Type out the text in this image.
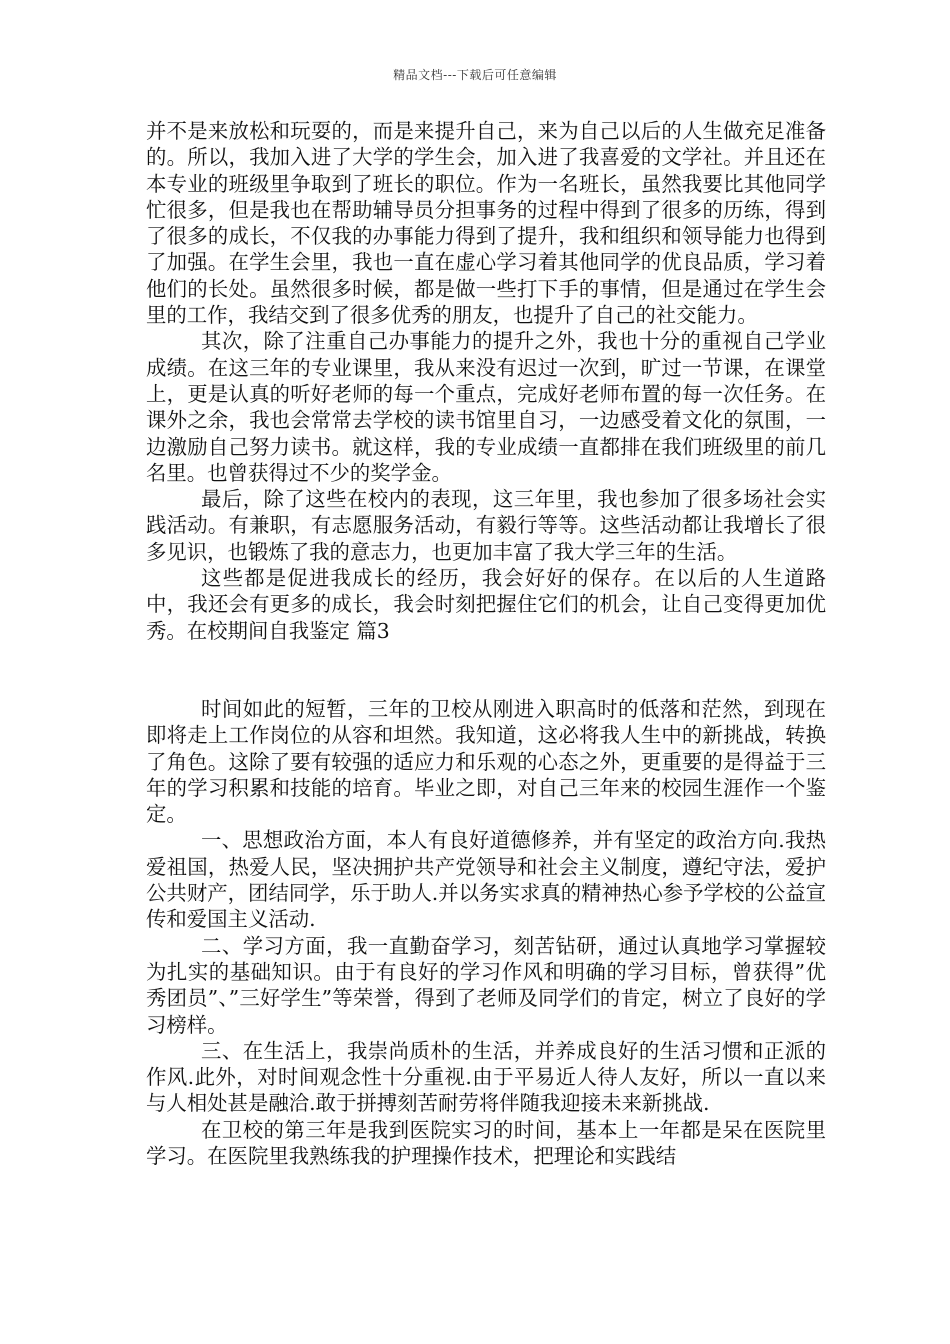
精品文档---下载后可任意编辑

并不是来放松和玩耍的，而是来提升自己，来为自己以后的人生做充足准备的。所以，我加入进了大学的学生会，加入进了我喜爱的文学社。并且还在本专业的班级里争取到了班长的职位。作为一名班长，虽然我要比其他同学忙很多，但是我也在帮助辅导员分担事务的过程中得到了很多的历练，得到了很多的成长，不仅我的办事能力得到了提升，我和组织和领导能力也得到了加强。在学生会里，我也一直在虚心学习着其他同学的优良品质，学习着他们的长处。虽然很多时候，都是做一些打下手的事情，但是通过在学生会里的工作，我结交到了很多优秀的朋友，也提升了自己的社交能力。

其次，除了注重自己办事能力的提升之外，我也十分的重视自己学业成绩。在这三年的专业课里，我从来没有迟过一次到，旷过一节课，在课堂上，更是认真的听好老师的每一个重点，完成好老师布置的每一次任务。在课外之余，我也会常常去学校的读书馆里自习，一边感受着文化的氛围，一边激励自己努力读书。就这样，我的专业成绩一直都排在我们班级里的前几名里。也曾获得过不少的奖学金。

最后，除了这些在校内的表现，这三年里，我也参加了很多场社会实践活动。有兼职，有志愿服务活动，有毅行等等。这些活动都让我增长了很多见识，也锻炼了我的意志力，也更加丰富了我大学三年的生活。

这些都是促进我成长的经历，我会好好的保存。在以后的人生道路中，我还会有更多的成长，我会时刻把握住它们的机会，让自己变得更加优秀。在校期间自我鉴定 篇3

时间如此的短暂，三年的卫校从刚进入职高时的低落和茫然，到现在即将走上工作岗位的从容和坦然。我知道，这必将我人生中的新挑战，转换了角色。这除了要有较强的适应力和乐观的心态之外，更重要的是得益于三年的学习积累和技能的培育。毕业之即，对自己三年来的校园生涯作一个鉴定。

一、思想政治方面，本人有良好道德修养，并有坚定的政治方向.我热爱祖国，热爱人民，坚决拥护共产党领导和社会主义制度，遵纪守法，爱护公共财产，团结同学，乐于助人.并以务实求真的精神热心参予学校的公益宣传和爱国主义活动.

二、学习方面，我一直勤奋学习，刻苦钻研，通过认真地学习掌握较为扎实的基础知识。由于有良好的学习作风和明确的学习目标，曾获得”优秀团员”、”三好学生”等荣誉，得到了老师及同学们的肯定，树立了良好的学习榜样。

三、在生活上，我崇尚质朴的生活，并养成良好的生活习惯和正派的作风.此外，对时间观念性十分重视.由于平易近人待人友好，所以一直以来与人相处甚是融洽.敢于拼搏刻苦耐劳将伴随我迎接未来新挑战.

在卫校的第三年是我到医院实习的时间，基本上一年都是呆在医院里学习。在医院里我熟练我的护理操作技术，把理论和实践结
